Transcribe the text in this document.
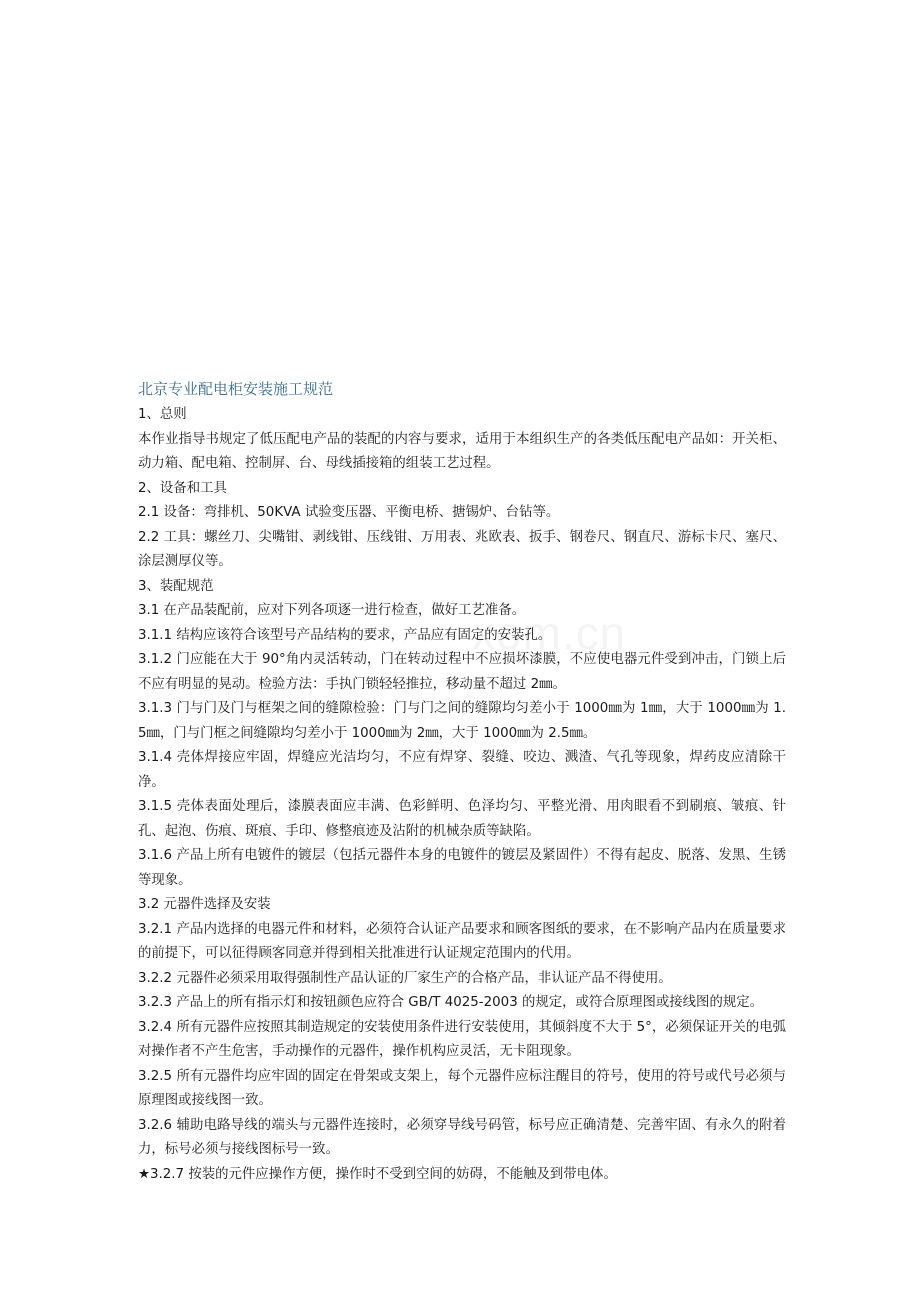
北京专业配电柜安装施工规范

1、总则

本作业指导书规定了低压配电产品的装配的内容与要求，适用于本组织生产的各类低压配电产品如：开关柜、动力箱、配电箱、控制屏、台、母线插接箱的组装工艺过程。

2、设备和工具

2.1 设备：弯排机、50KVA 试验变压器、平衡电桥、搪锡炉、台钻等。

2.2 工具：螺丝刀、尖嘴钳、剥线钳、压线钳、万用表、兆欧表、扳手、钢卷尺、钢直尺、游标卡尺、塞尺、涂层测厚仪等。

3、装配规范

3.1 在产品装配前，应对下列各项逐一进行检查，做好工艺准备。

3.1.1 结构应该符合该型号产品结构的要求，产品应有固定的安装孔。

3.1.2 门应能在大于 90°角内灵活转动，门在转动过程中不应损坏漆膜，不应使电器元件受到冲击，门锁上后不应有明显的晃动。检验方法：手执门锁轻轻推拉，移动量不超过 2㎜。

3.1.3 门与门及门与框架之间的缝隙检验：门与门之间的缝隙均匀差小于 1000㎜为 1㎜，大于 1000㎜为 1.5㎜，门与门框之间缝隙均匀差小于 1000㎜为 2㎜，大于 1000㎜为 2.5㎜。

3.1.4 壳体焊接应牢固，焊缝应光洁均匀，不应有焊穿、裂缝、咬边、溅渣、气孔等现象，焊药皮应清除干净。

3.1.5 壳体表面处理后，漆膜表面应丰满、色彩鲜明、色泽均匀、平整光滑、用肉眼看不到刷痕、皱痕、针孔、起泡、伤痕、斑痕、手印、修整痕迹及沾附的机械杂质等缺陷。

3.1.6 产品上所有电镀件的镀层（包括元器件本身的电镀件的镀层及紧固件）不得有起皮、脱落、发黑、生锈等现象。

3.2 元器件选择及安装

3.2.1 产品内选择的电器元件和材料，必须符合认证产品要求和顾客图纸的要求，在不影响产品内在质量要求的前提下，可以征得顾客同意并得到相关批准进行认证规定范围内的代用。

3.2.2 元器件必须采用取得强制性产品认证的厂家生产的合格产品，非认证产品不得使用。

3.2.3 产品上的所有指示灯和按钮颜色应符合 GB/T 4025-2003 的规定，或符合原理图或接线图的规定。

3.2.4 所有元器件应按照其制造规定的安装使用条件进行安装使用，其倾斜度不大于 5°，必须保证开关的电弧对操作者不产生危害，手动操作的元器件，操作机构应灵活，无卡阻现象。

3.2.5 所有元器件均应牢固的固定在骨架或支架上，每个元器件应标注醒目的符号，使用的符号或代号必须与原理图或接线图一致。

3.2.6 辅助电路导线的端头与元器件连接时，必须穿导线号码管，标号应正确清楚、完善牢固、有永久的附着力，标号必须与接线图标号一致。

★3.2.7 按装的元件应操作方便，操作时不受到空间的妨碍，不能触及到带电体。
